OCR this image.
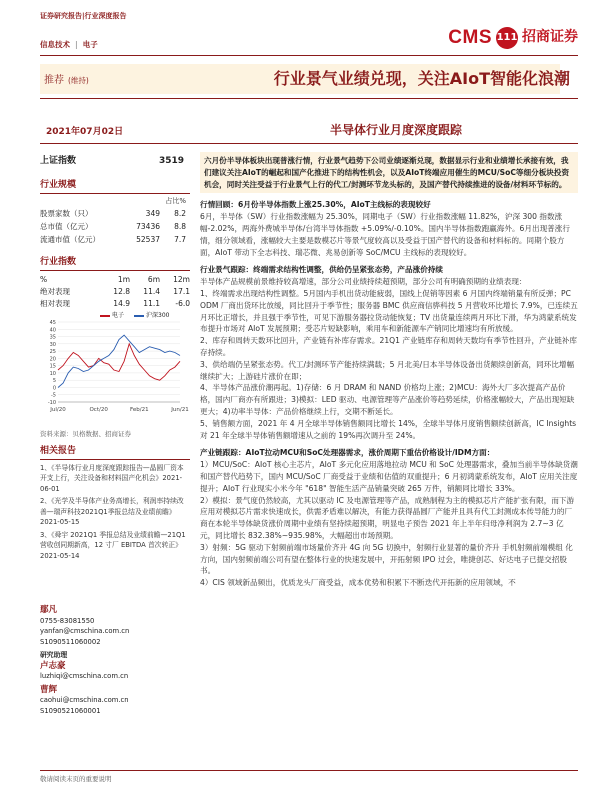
证券研究报告|行业深度报告
信息技术 | 电子	CMS 111 招商证券
推荐 (维持)	行业景气业绩兑现，关注AIoT智能化浪潮
2021年07月02日	半导体行业月度深度跟踪
上证指数	3519
行业规模
占比%
股票家数（只）	349	8.2
总市值（亿元）	73436	8.8
流通市值（亿元）	52537	7.7
行业指数
%	1m	6m	12m
绝对表现	12.8	11.4	17.1
相对表现	14.9	11.1	-6.0
-10
-5
0
5
10
15
20
25
30
35
40
45
Jul/20	Oct/20	Feb/21	Jun/21
电子	沪深300
资料来源：贝格数据、招商证券
相关报告

1、《半导体行业月度深度跟踪报告—晶圆厂资本开支上行，关注设备和材料国产化机会》2021-06-01

2、《光学及半导体产业务高增长，利润率持续改善—瑞声科技2021Q1季报总结及业绩前瞻》2021-05-15

3、《舜宇 2021Q1 季报总结及业绩前瞻—21Q1 营收创同期新高，12 寸厂 EBITDA 首次转正》2021-05-14

鄢凡
0755-83081550
yanfan@cmschina.com.cn
S1090511060002
研究助理
卢志豪
luzhiqi@cmschina.com.cn
曹辉
caohui@cmschina.com.cn
S1090521060001
六月份半导体板块出现普涨行情，行业景气趋势下公司业绩逐渐兑现，数据显示行业和业绩增长承接有效，我们建议关注AIoT的崛起和国产化推进下的结构性机会，以及AIoT终端应用催生的MCU/SoC等细分板块投资机会，同时关注受益于行业景气上行的代工/封测环节龙头标的，及国产替代持续推进的设备/材料环节标的。
行情回顾：6月份半导体指数上涨25.30%，AIoT主线标的表现较好
6月，半导体（SW）行业指数涨幅为 25.30%，同期电子（SW）行业指数涨幅 11.82%，沪深 300 指数涨幅-2.02%，两海外费城半导体/台湾半导体指数 +5.09%/-0.10%。国内半导体指数跑赢海外。6月出现普涨行情，细分领域看，涨幅较大主要是数模芯片等景气度较高以及受益于国产替代的设备和材料标的。同期个股方面，AIoT 带动下全志科技、瑞芯微、兆易创新等 SoC/MCU 主线标的表现较好。
行业景气跟踪：终端需求结构性调整，供给仍呈紧张态势，产品涨价持续
半导体产品规模前景维持较高增速，部分公司业绩持续超预期，部分公司有明确预期的业绩表现：
1、终端需求出现结构性调整。5月国内手机出货动能疲弱，国线上促销等因素 6 月国内终端销量有所反弹；PC ODM 厂商出货环比放缓，同比回升于季节性；服务器 BMC 供应商信骅科技 5 月营收环比增长 7.9%，已连续五月环比正增长，并且强于季节性，可见下游服务器拉货动能恢复；TV 出货量连续两月环比下滑，华为鸿蒙系统发布提升市场对 AIoT 发展预期；受芯片短缺影响，乘用车和新能源车产销同比增速均有所放缓。
2、库存和周转天数环比回升，产业链有补库存需求。21Q1 产业链库存和周转天数均有季节性回升，产业链补库存持续。
3、供给端仍呈紧张态势。代工/封测环节产能持续满载；5 月北美/日本半导体设备出货额续创新高，同环比增幅继续扩大；上游硅片涨价在即；
4、半导体产品涨价潮再起。1)存储：6 月 DRAM 和 NAND 价格均上涨；2)MCU：海外大厂多次提高产品价格，国内厂商亦有所跟进；3)模拟：LED 驱动、电源管理等产品涨价等趋势延续，价格涨幅较大，产品出现短缺更大；4)功率半导体：产品价格继续上行，交期不断延长。
5、销售额方面，2021 年 4 月全球半导体销售额同比增长 14%，全球半导体月度销售额续创新高，IC Insights 对 21 年全球半导体销售额增速从之前的 19%再次调升至 24%。
产业链跟踪：AIoT拉动MCU和SoC处理器需求，涨价周期下重估价格设计/IDM方面：
1）MCU/SoC：AIoT 核心主芯片，AIoT 多元化应用落地拉动 MCU 和 SoC 处理器需求，叠加当前半导体缺货潮和国产替代趋势下，国内 MCU/SoC 厂商受益于业绩和估值的双重提升；6 月初鸿蒙系统发布，AIoT 应用关注度提升；AIoT 行业现实小米今年 "618" 智能生活产品销量突破 265 万件，销额同比增长 33%。
2）模拟：景气度仍然较高，尤其以驱动 IC 及电源管理等产品，成熟制程为主的模拟芯片产能扩张有限，而下游应用对模拟芯片需求快速成长，供需矛盾难以解决，有能力获得晶圆厂产能并且具有代工封测成本传导能力的厂商在本轮半导体缺货涨价周期中业绩有坚持续超预期，明显电子预告 2021 年上半年归母净利润为 2.7~3 亿元，同比增长 832.38%~935.98%，大幅超出市场预期。
3）射频：5G 驱动下射频前端市场量价齐升 4G 向 5G 切换中，射频行业显著的量价齐升 手机射频前端模组 化方向，国内射频前端公司有望在整体行业的快速发展中，开拓射频 IPO 过会，唯捷创芯、好达电子已提交招股书。
4）CIS 领域新品频出，优质龙头厂商受益，成本优势和积累下不断迭代开拓新的应用领域，不
敬请阅读末页的重要说明
